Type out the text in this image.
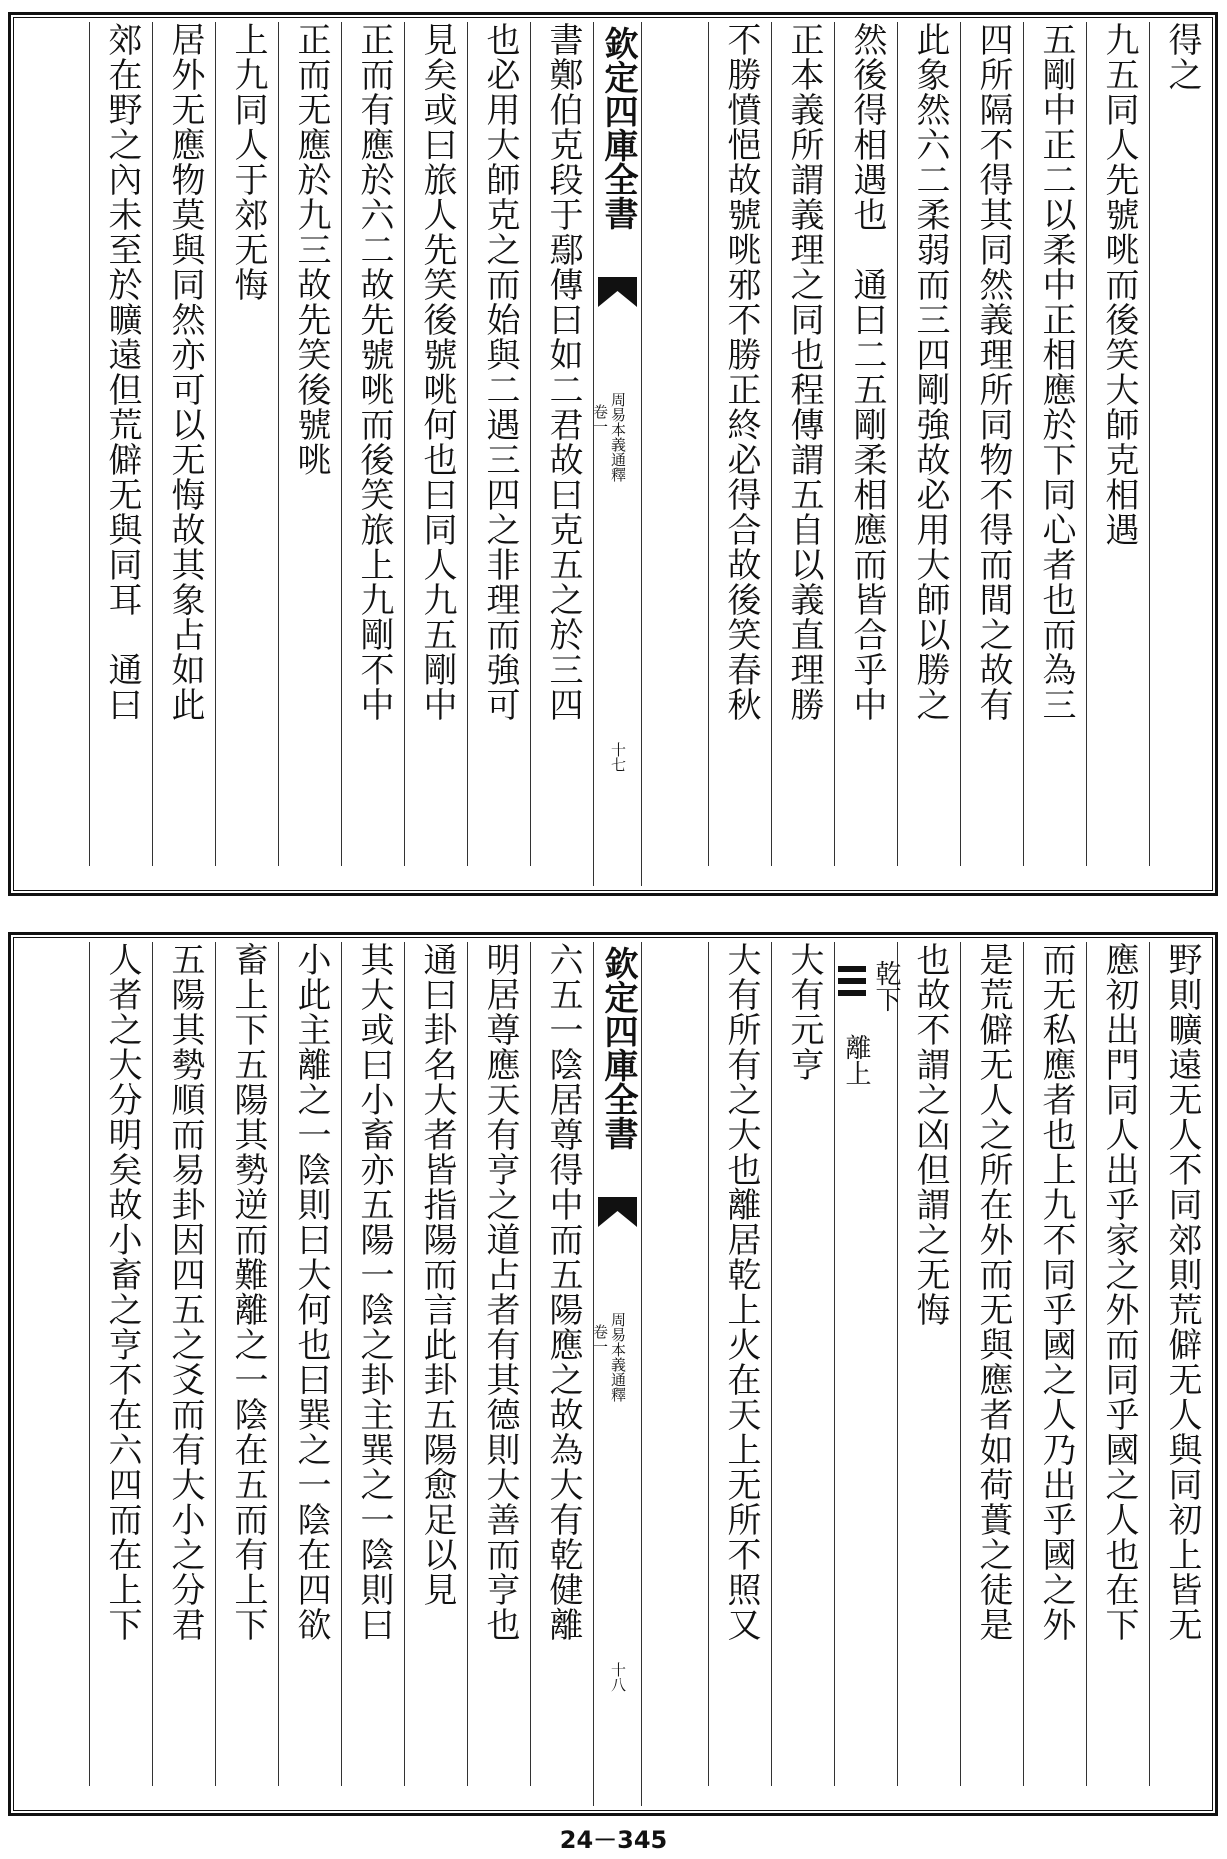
得之
九五同人先號咷而後笑大師克相遇
五剛中正二以柔中正相應於下同心者也而為三
四所隔不得其同然義理所同物不得而間之故有
此象然六二柔弱而三四剛強故必用大師以勝之
然後得相遇也　通曰二五剛柔相應而皆合乎中
正本義所謂義理之同也程傳謂五自以義直理勝
不勝憤悒故號咷邪不勝正終必得合故後笑春秋
書鄭伯克段于鄢傳曰如二君故曰克五之於三四
也必用大師克之而始與二遇三四之非理而強可
見矣或曰旅人先笑後號咷何也曰同人九五剛中
正而有應於六二故先號咷而後笑旅上九剛不中
正而无應於九三故先笑後號咷
上九同人于郊无悔
居外无應物莫與同然亦可以无悔故其象占如此
郊在野之內未至於曠遠但荒僻无與同耳　通曰	欽定四庫全書
周易本義通釋
卷一
十七
野則曠遠无人不同郊則荒僻无人與同初上皆无
應初出門同人出乎家之外而同乎國之人也在下
而无私應者也上九不同乎國之人乃出乎國之外
是荒僻无人之所在外而无與應者如荷蕢之徒是
也故不謂之凶但謂之无悔
大有元亨
大有所有之大也離居乾上火在天上无所不照又
六五一陰居尊得中而五陽應之故為大有乾健離
明居尊應天有亨之道占者有其德則大善而亨也
通曰卦名大者皆指陽而言此卦五陽愈足以見
其大或曰小畜亦五陽一陰之卦主巽之一陰則曰
小此主離之一陰則曰大何也曰巽之一陰在四欲
畜上下五陽其勢逆而難離之一陰在五而有上下
五陽其勢順而易卦因四五之爻而有大小之分君
人者之大分明矣故小畜之亨不在六四而在上下	欽定四庫全書
周易本義通釋
卷一
十八
乾下
離上
24－345
